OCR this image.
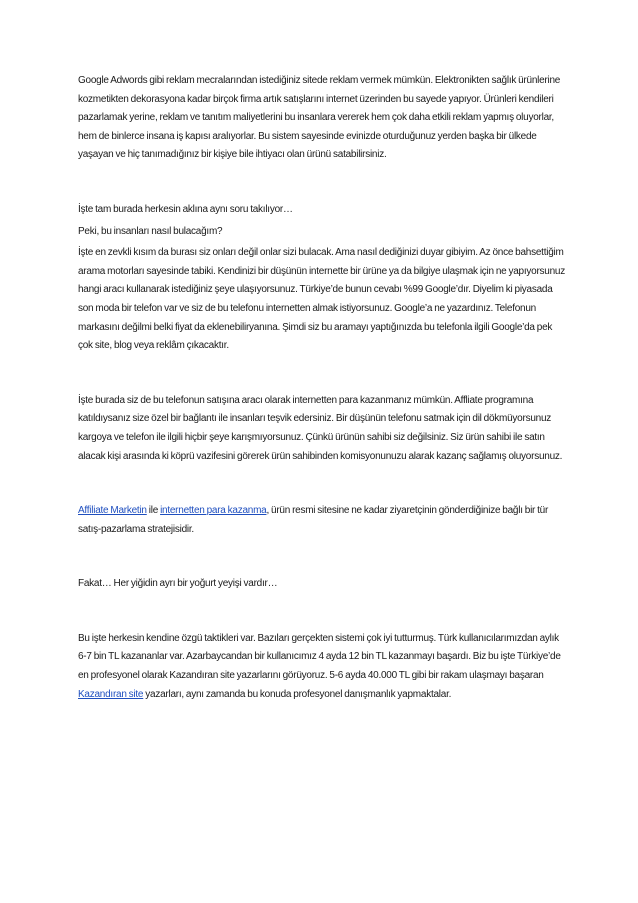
Google Adwords gibi reklam mecralarından istediğiniz sitede reklam vermek mümkün. Elektronikten sağlık ürünlerine kozmetikten dekorasyona kadar birçok firma artık satışlarını internet üzerinden bu sayede yapıyor. Ürünleri kendileri pazarlamak yerine, reklam ve tanıtım maliyetlerini bu insanlara vererek hem çok daha etkili reklam yapmış oluyorlar, hem de binlerce insana iş kapısı aralıyorlar. Bu sistem sayesinde evinizde oturduğunuz yerden başka bir ülkede yaşayan ve hiç tanımadığınız bir kişiye bile ihtiyacı olan ürünü satabilirsiniz.

İşte tam burada herkesin aklına aynı soru takılıyor…

Peki, bu insanları nasıl bulacağım?

İşte en zevkli kısım da burası siz onları değil onlar sizi bulacak. Ama nasıl dediğinizi duyar gibiyim. Az önce bahsettiğim arama motorları sayesinde tabiki. Kendinizi bir düşünün internette bir ürüne ya da bilgiye ulaşmak için ne yapıyorsunuz hangi aracı kullanarak istediğiniz şeye ulaşıyorsunuz. Türkiye’de bunun cevabı %99 Google’dır. Diyelim ki piyasada son moda bir telefon var ve siz de bu telefonu internetten almak istiyorsunuz. Google’a ne yazardınız. Telefonun markasını değilmi belki fiyat da eklenebiliryanına. Şimdi siz bu aramayı yaptığınızda bu telefonla ilgili Google’da pek çok site, blog veya reklâm çıkacaktır.

İşte burada siz de bu telefonun satışına aracı olarak internetten para kazanmanız mümkün. Affliate programına katıldıysanız size özel bir bağlantı ile insanları teşvik edersiniz. Bir düşünün telefonu satmak için dil dökmüyorsunuz kargoya ve telefon ile ilgili hiçbir şeye karışmıyorsunuz. Çünkü ürünün sahibi siz değilsiniz. Siz ürün sahibi ile satın alacak kişi arasında ki köprü vazifesini görerek ürün sahibinden komisyonunuzu alarak kazanç sağlamış oluyorsunuz.

Affiliate Marketin ile internetten para kazanma, ürün resmi sitesine ne kadar ziyaretçinin gönderdiğinize bağlı bir tür satış-pazarlama stratejisidir.

Fakat… Her yiğidin ayrı bir yoğurt yeyişi vardır…

Bu işte herkesin kendine özgü taktikleri var. Bazıları gerçekten sistemi çok iyi tutturmuş. Türk kullanıcılarımızdan aylık 6-7 bin TL kazananlar var. Azarbaycandan bir kullanıcımız 4 ayda 12 bin TL kazanmayı başardı. Biz bu işte Türkiye’de en profesyonel olarak Kazandıran site yazarlarını görüyoruz. 5-6 ayda 40.000 TL gibi bir rakam ulaşmayı başaran Kazandıran site yazarları, aynı zamanda bu konuda profesyonel danışmanlık yapmaktalar.
